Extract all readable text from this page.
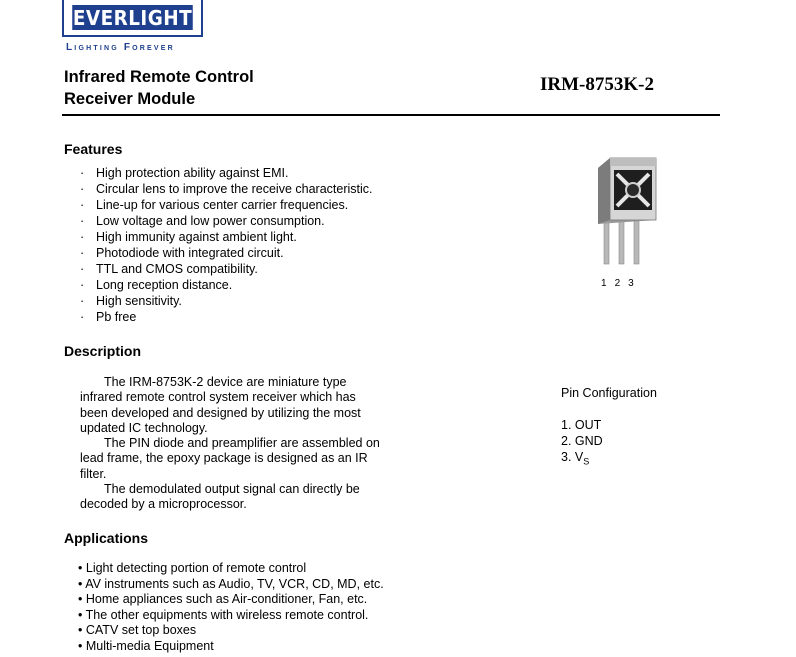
EVERLIGHT
Lighting Forever
Infrared Remote Control
Receiver Module
IRM-8753K-2
Features
· High protection ability against EMI.
· Circular lens to improve the receive characteristic.
· Line-up for various center carrier frequencies.
· Low voltage and low power consumption.
· High immunity against ambient light.
· Photodiode with integrated circuit.
· TTL and CMOS compatibility.
· Long reception distance.
· High sensitivity.
· Pb free
1 2 3
Description

The IRM-8753K-2 device are miniature type

infrared remote control system receiver which has

been developed and designed by utilizing the most

updated IC technology.

The PIN diode and preamplifier are assembled on

lead frame, the epoxy package is designed as an IR

filter.

The demodulated output signal can directly be

decoded by a microprocessor.

Pin Configuration
1. OUT
2. GND
3. $V_S$
Applications
• Light detecting portion of remote control
• AV instruments such as Audio, TV, VCR, CD, MD, etc.
• Home appliances such as Air-conditioner, Fan, etc.
• The other equipments with wireless remote control.
• CATV set top boxes
• Multi-media Equipment
